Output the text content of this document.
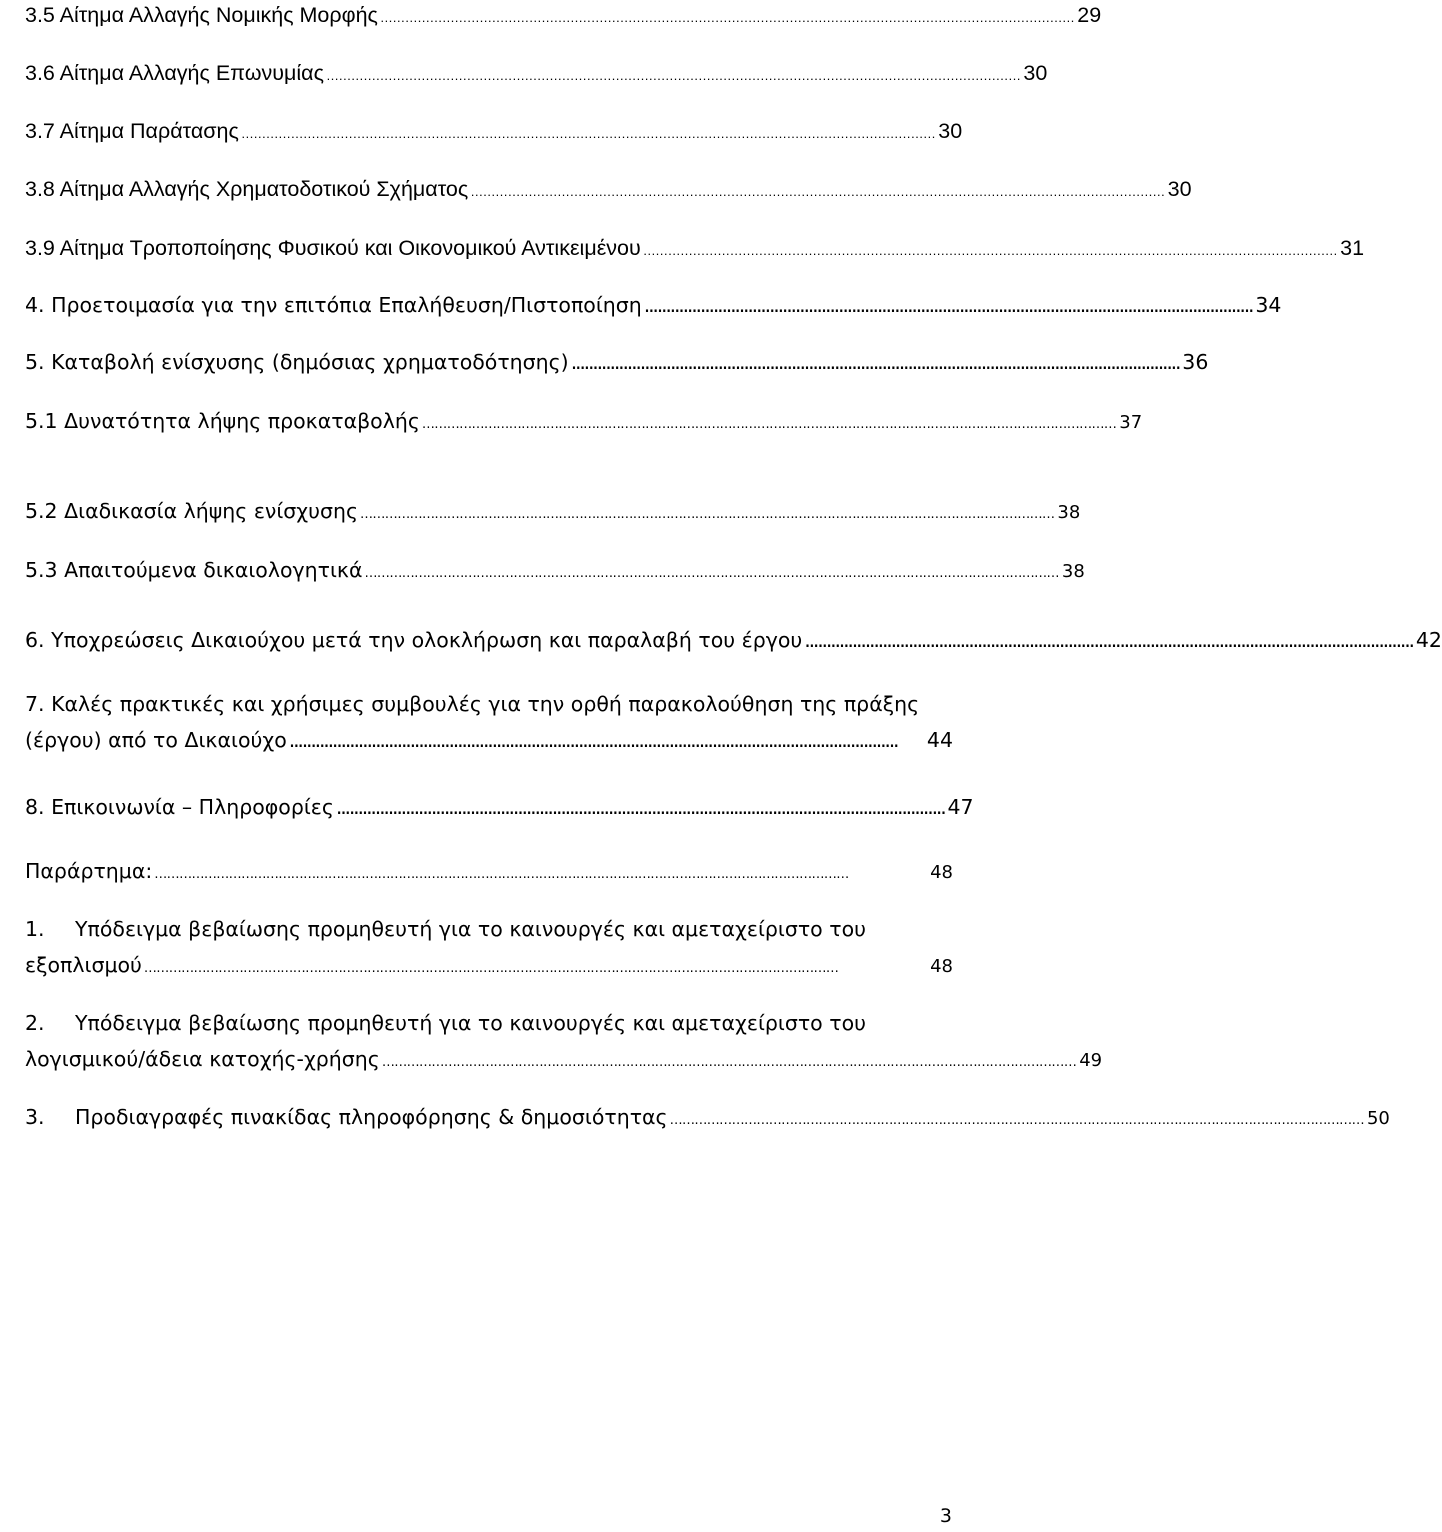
3.5 Αίτημα Αλλαγής Νομικής Μορφής …………………………………………………………………………………………………………………………………………………… 29
3.6 Αίτημα Αλλαγής Επωνυμίας …………………………………………………………………………………………………………………………………………………… 30
3.7 Αίτημα Παράτασης …………………………………………………………………………………………………………………………………………………… 30
3.8 Αίτημα Αλλαγής Χρηματοδοτικού Σχήματος …………………………………………………………………………………………………………………………………………………… 30
3.9 Αίτημα Τροποποίησης Φυσικού και Οικονομικού Αντικειμένου …………………………………………………………………………………………………………………………………………………… 31
4. Προετοιμασία για την επιτόπια Επαλήθευση/Πιστοποίηση ............................................................................................................................................. 34
5. Καταβολή ενίσχυσης (δημόσιας χρηματοδότησης) ............................................................................................................................................. 36
5.1 Δυνατότητα λήψης προκαταβολής …………………………………………………………………………………………………………………………………………………… 37
5.2 Διαδικασία λήψης ενίσχυσης …………………………………………………………………………………………………………………………………………………… 38
5.3 Απαιτούμενα δικαιολογητικά …………………………………………………………………………………………………………………………………………………… 38
6. Υποχρεώσεις Δικαιούχου μετά την ολοκλήρωση και παραλαβή του έργου ............................................................................................................................................. 42
7. Καλές πρακτικές και χρήσιμες συμβουλές για την ορθή παρακολούθηση της πράξης
(έργου) από το Δικαιούχο .............................................................................................................................................	44
8. Επικοινωνία – Πληροφορίες ............................................................................................................................................. 47
Παράρτημα: ……………………………………………………………………………………………………………………………………………………	48
1.	Υπόδειγμα βεβαίωσης προμηθευτή για το καινουργές και αμεταχείριστο του
εξοπλισμού ……………………………………………………………………………………………………………………………………………………	48
2.	Υπόδειγμα βεβαίωσης προμηθευτή για το καινουργές και αμεταχείριστο του
λογισμικού/άδεια κατοχής-χρήσης …………………………………………………………………………………………………………………………………………………… 49
3. Προδιαγραφές πινακίδας πληροφόρησης & δημοσιότητας …………………………………………………………………………………………………………………………………………………… 50
3
